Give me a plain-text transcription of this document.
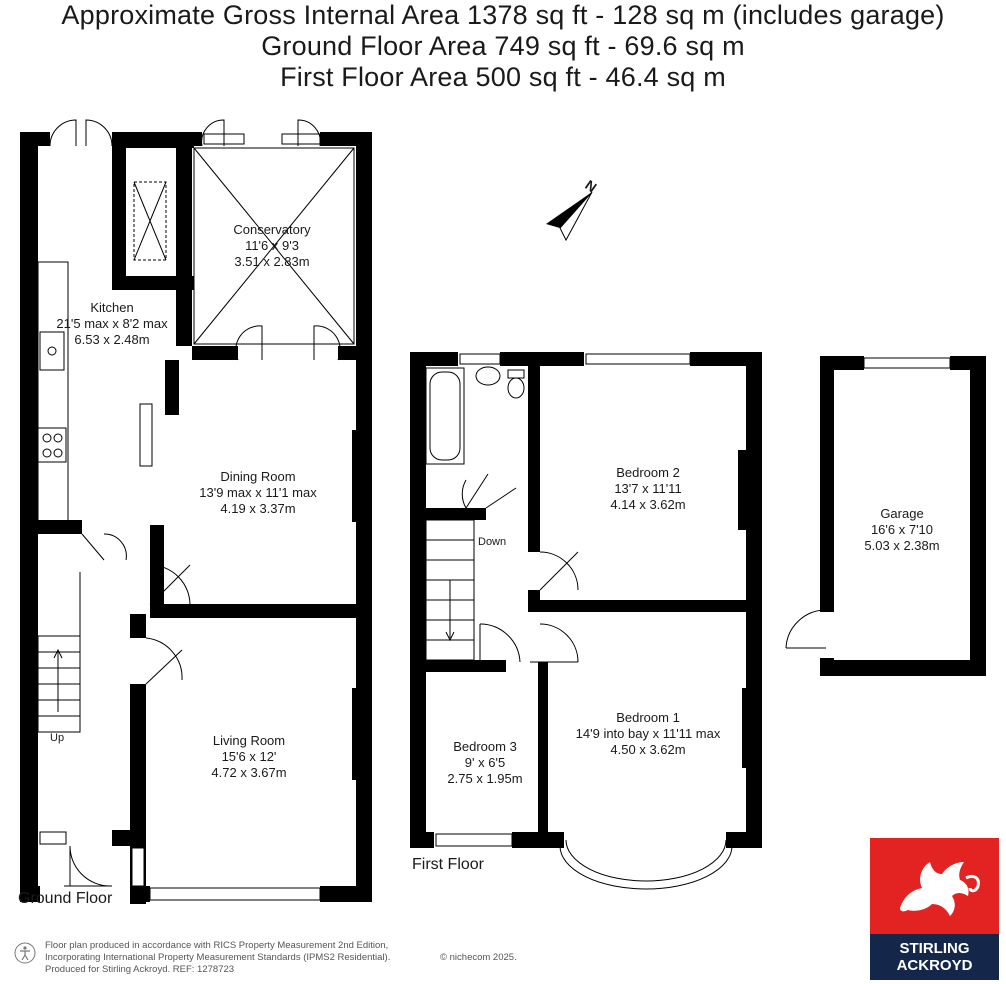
Approximate Gross Internal Area 1378 sq ft - 128 sq m (includes garage)
Ground Floor Area 749 sq ft - 69.6 sq m
First Floor Area 500 sq ft - 46.4 sq m
N
Conservatory
11'6 x 9'3
3.51 x 2.83m
Kitchen
21'5 max x 8'2 max
6.53 x 2.48m
Dining Room
13'9 max x 11'1 max
4.19 x 3.37m
Living Room
15'6 x 12'
4.72 x 3.67m
Bedroom 2
13'7 x 11'11
4.14 x 3.62m
Bedroom 1
14'9 into bay x 11'11 max
4.50 x 3.62m
Bedroom 3
9' x 6'5
2.75 x 1.95m
Garage
16'6 x 7'10
5.03 x 2.38m
Up
Down
Ground Floor
First Floor
Floor plan produced in accordance with RICS Property Measurement 2nd Edition,
Incorporating International Property Measurement Standards (IPMS2 Residential).
Produced for Stirling Ackroyd. REF: 1278723
© nichecom 2025.
STIRLING
ACKROYD
